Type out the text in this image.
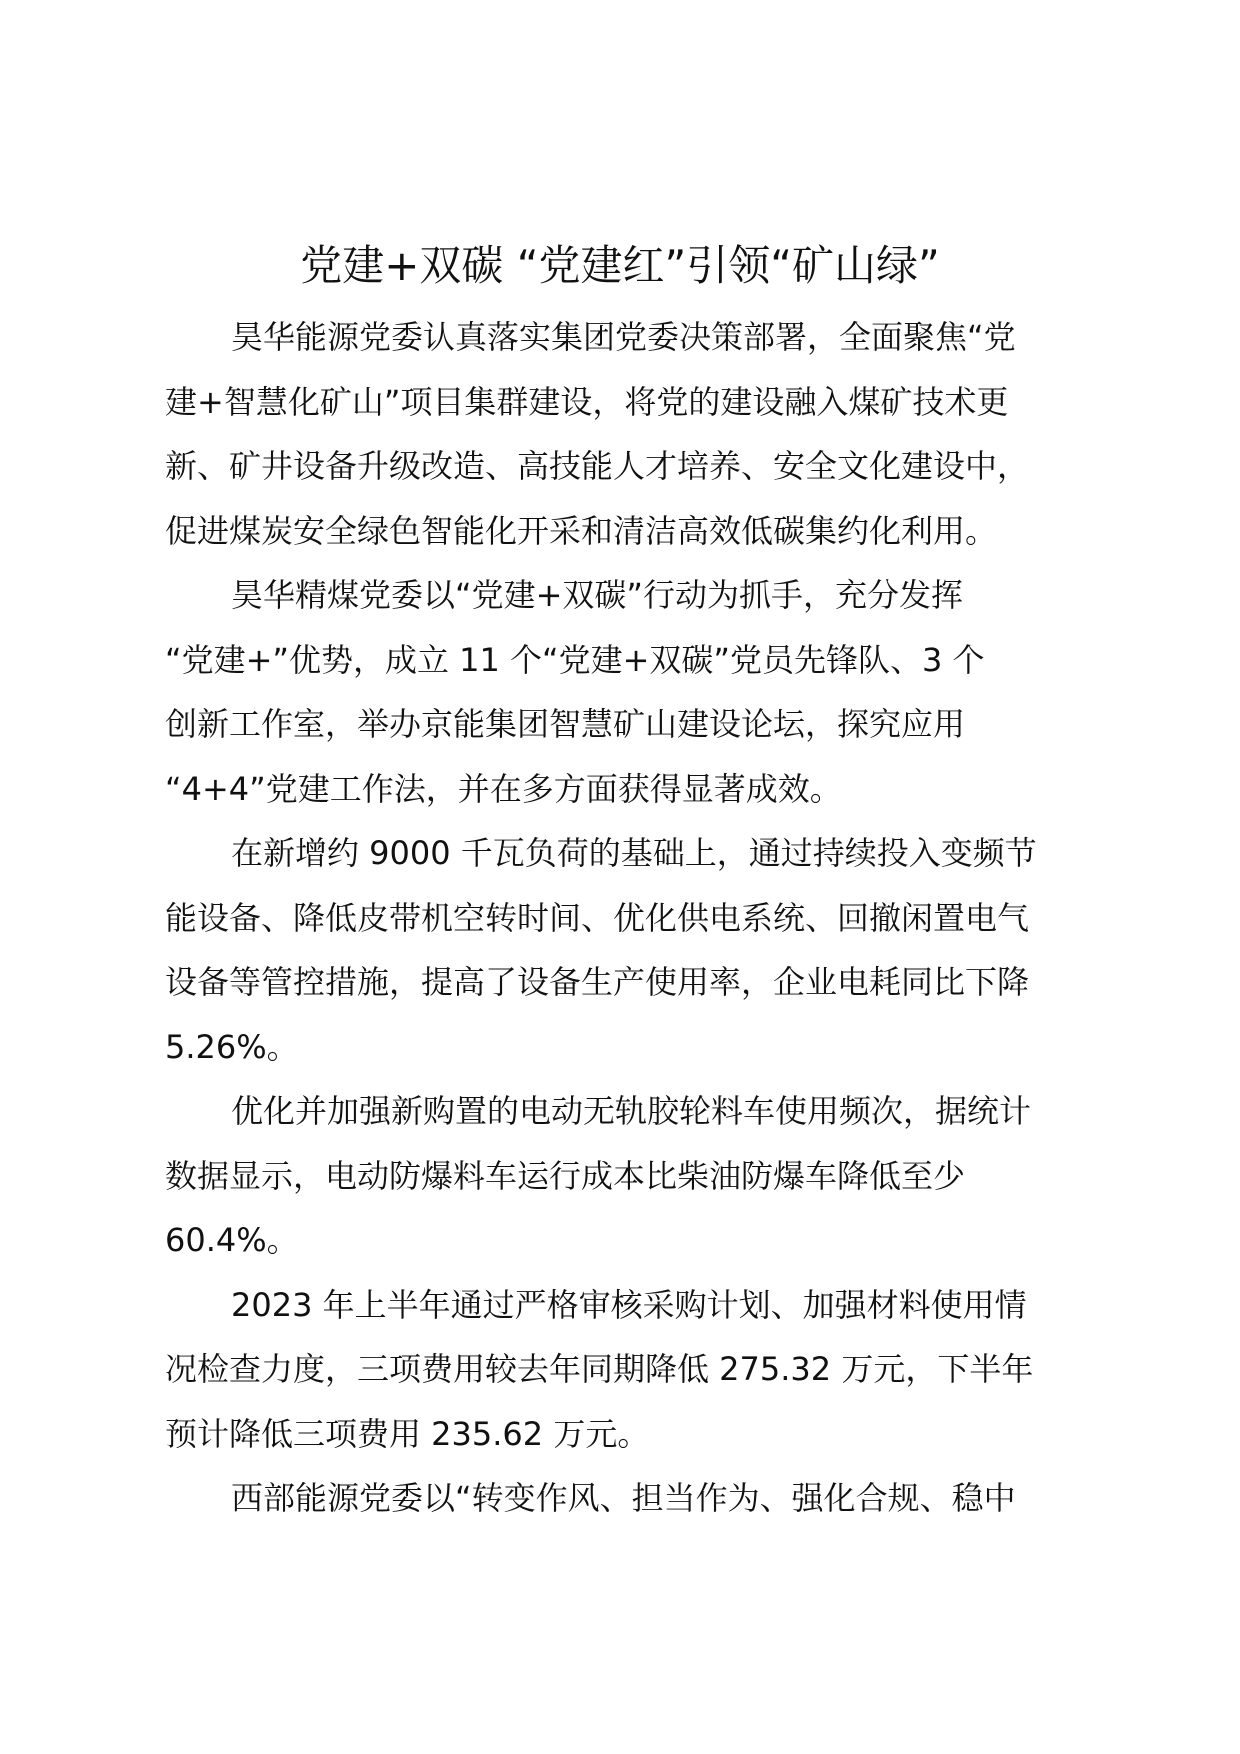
党建+双碳 “党建红”引领“矿山绿”
昊华能源党委认真落实集团党委决策部署，全面聚焦“党
建+智慧化矿山”项目集群建设，将党的建设融入煤矿技术更
新、矿井设备升级改造、高技能人才培养、安全文化建设中，
促进煤炭安全绿色智能化开采和清洁高效低碳集约化利用。
昊华精煤党委以“党建+双碳”行动为抓手，充分发挥
“党建+”优势，成立 11 个“党建+双碳”党员先锋队、3 个
创新工作室，举办京能集团智慧矿山建设论坛，探究应用
“4+4”党建工作法，并在多方面获得显著成效。
在新增约 9000 千瓦负荷的基础上，通过持续投入变频节
能设备、降低皮带机空转时间、优化供电系统、回撤闲置电气
设备等管控措施，提高了设备生产使用率，企业电耗同比下降
5.26%。
优化并加强新购置的电动无轨胶轮料车使用频次，据统计
数据显示，电动防爆料车运行成本比柴油防爆车降低至少
60.4%。
2023 年上半年通过严格审核采购计划、加强材料使用情
况检查力度，三项费用较去年同期降低 275.32 万元，下半年
预计降低三项费用 235.62 万元。
西部能源党委以“转变作风、担当作为、强化合规、稳中
